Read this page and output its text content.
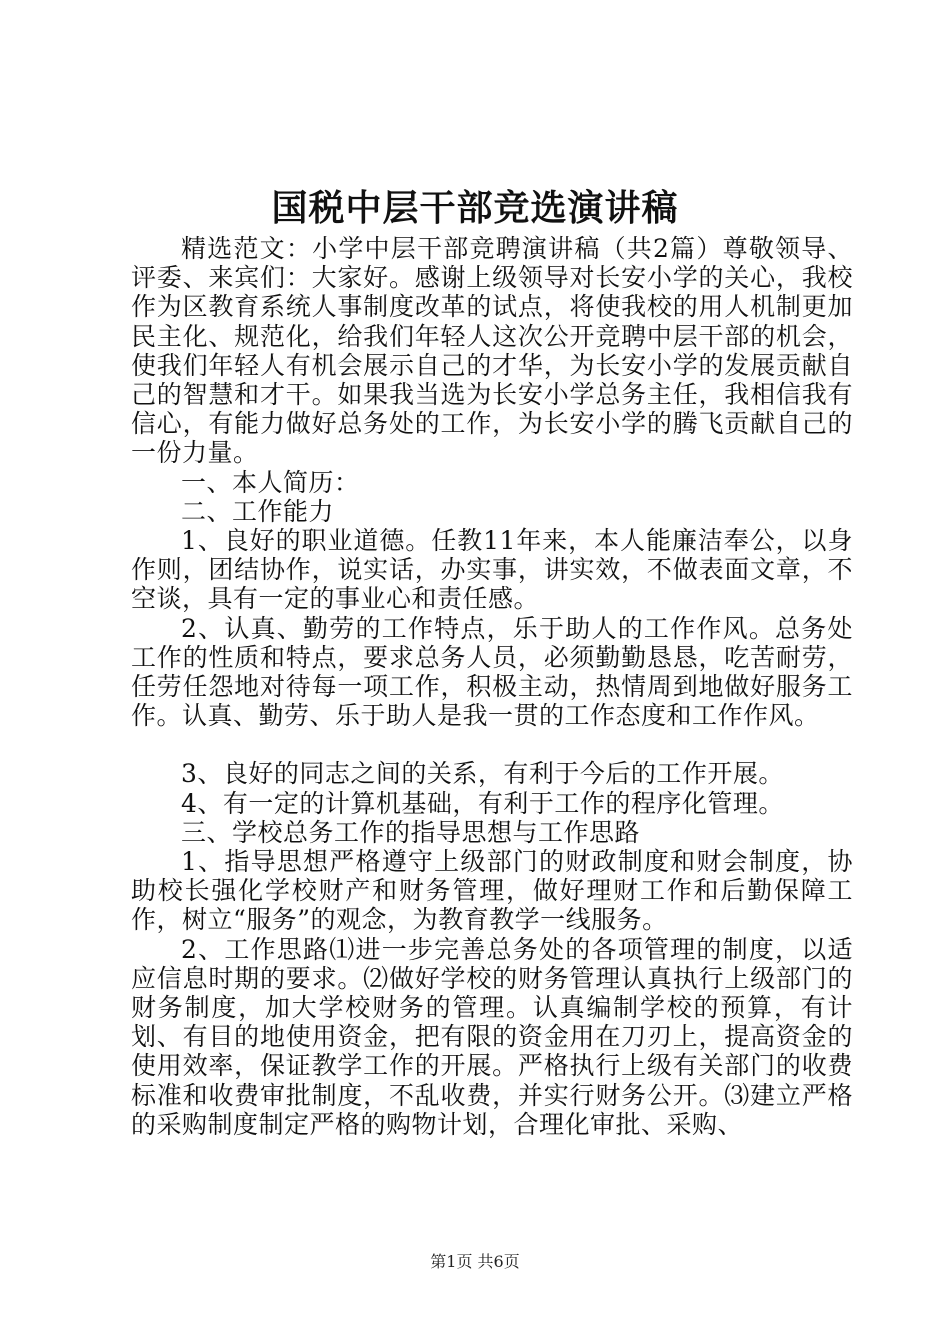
国税中层干部竞选演讲稿

精选范文：小学中层干部竞聘演讲稿（共2篇）尊敬领导、评委、来宾们：大家好。感谢上级领导对长安小学的关心，我校作为区教育系统人事制度改革的试点，将使我校的用人机制更加民主化、规范化，给我们年轻人这次公开竞聘中层干部的机会，使我们年轻人有机会展示自己的才华，为长安小学的发展贡献自己的智慧和才干。如果我当选为长安小学总务主任，我相信我有信心，有能力做好总务处的工作，为长安小学的腾飞贡献自己的一份力量。

一、本人简历：

二、工作能力

1、良好的职业道德。任教11年来，本人能廉洁奉公，以身作则，团结协作，说实话，办实事，讲实效，不做表面文章，不空谈，具有一定的事业心和责任感。

2、认真、勤劳的工作特点，乐于助人的工作作风。总务处工作的性质和特点，要求总务人员，必须勤勤恳恳，吃苦耐劳，任劳任怨地对待每一项工作，积极主动，热情周到地做好服务工作。认真、勤劳、乐于助人是我一贯的工作态度和工作作风。

3、良好的同志之间的关系，有利于今后的工作开展。

4、有一定的计算机基础，有利于工作的程序化管理。

三、学校总务工作的指导思想与工作思路

1、指导思想严格遵守上级部门的财政制度和财会制度，协助校长强化学校财产和财务管理，做好理财工作和后勤保障工作，树立“服务”的观念，为教育教学一线服务。

2、工作思路⑴进一步完善总务处的各项管理的制度，以适应信息时期的要求。⑵做好学校的财务管理认真执行上级部门的财务制度，加大学校财务的管理。认真编制学校的预算，有计划、有目的地使用资金，把有限的资金用在刀刃上，提高资金的使用效率，保证教学工作的开展。严格执行上级有关部门的收费标准和收费审批制度，不乱收费，并实行财务公开。⑶建立严格的采购制度制定严格的购物计划，合理化审批、采购、

第1页 共6页
